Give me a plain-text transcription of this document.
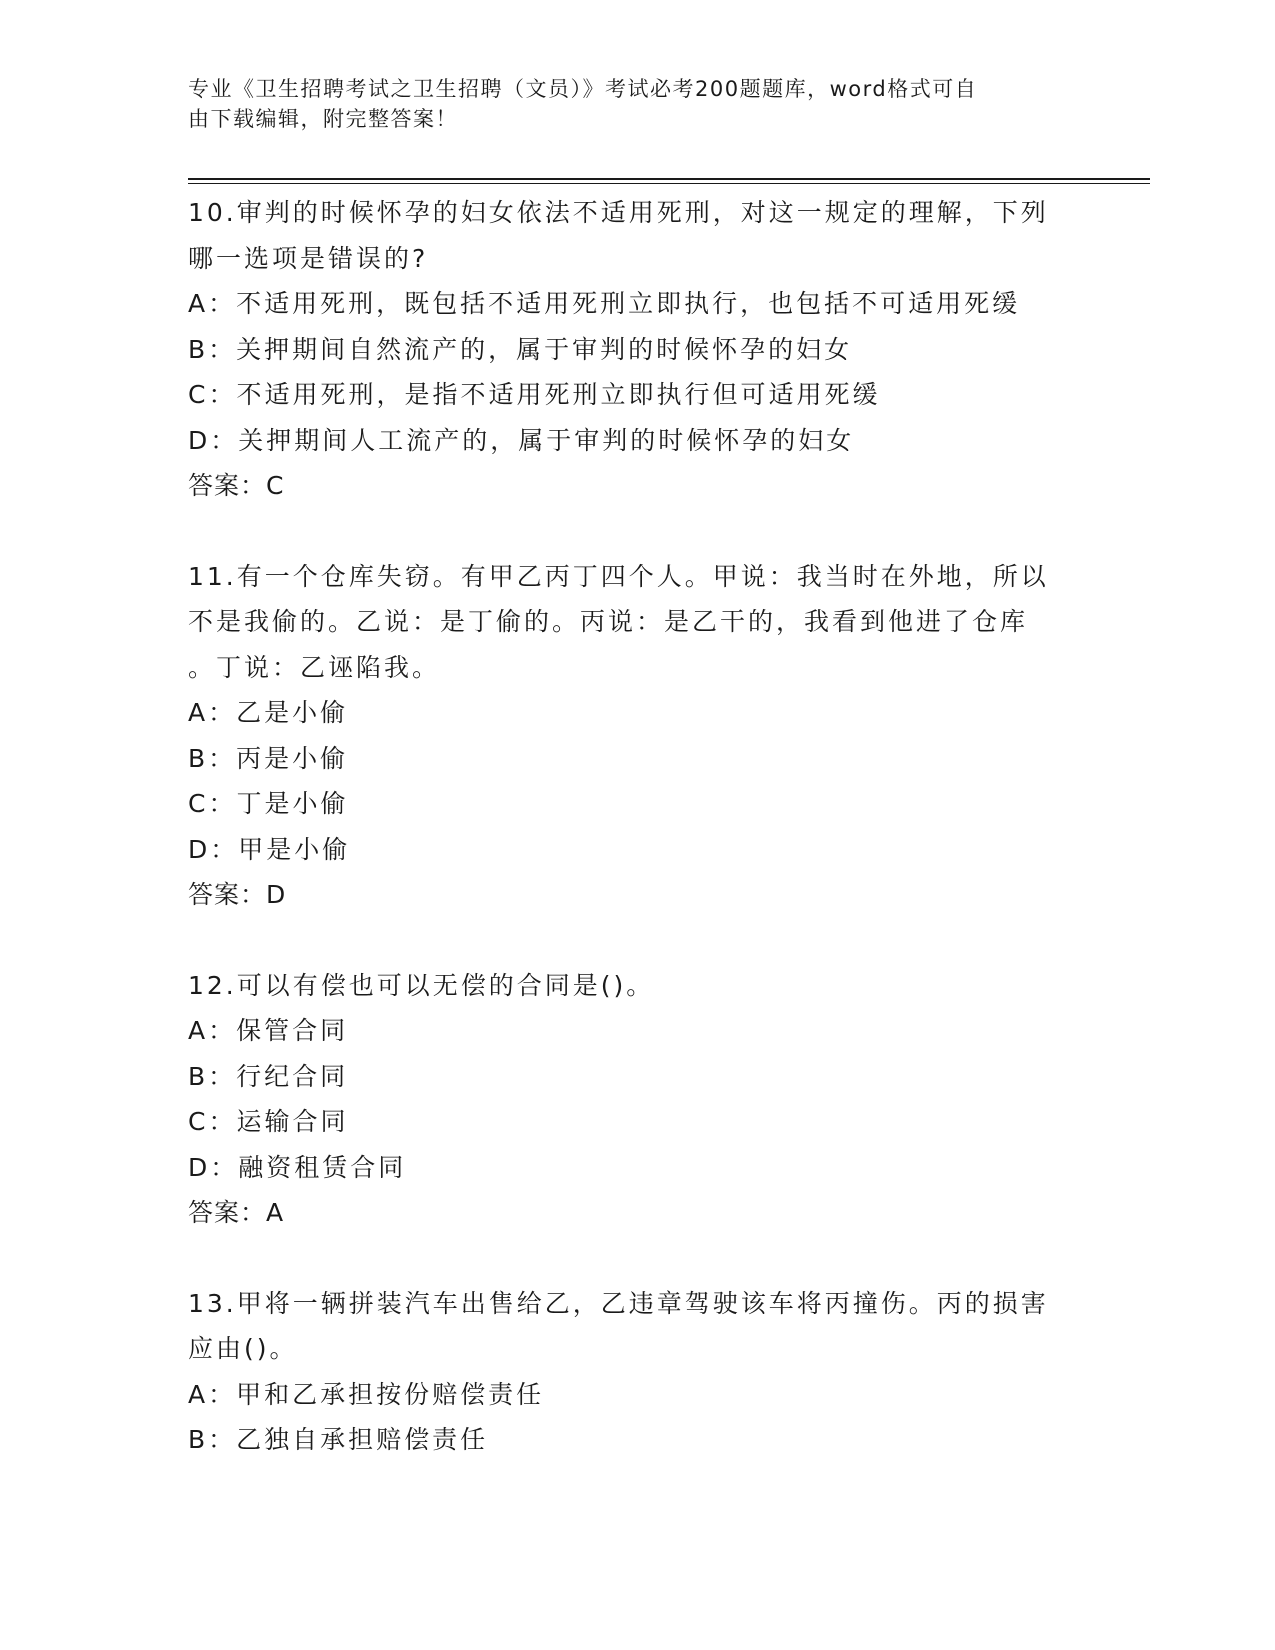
专业《卫生招聘考试之卫生招聘（文员）》考试必考200题题库，word格式可自
由下载编辑，附完整答案！
10.审判的时候怀孕的妇女依法不适用死刑，对这一规定的理解，下列
哪一选项是错误的?
A：不适用死刑，既包括不适用死刑立即执行，也包括不可适用死缓
B：关押期间自然流产的，属于审判的时候怀孕的妇女
C：不适用死刑，是指不适用死刑立即执行但可适用死缓
D：关押期间人工流产的，属于审判的时候怀孕的妇女
答案：C
11.有一个仓库失窃。有甲乙丙丁四个人。甲说：我当时在外地，所以
不是我偷的。乙说：是丁偷的。丙说：是乙干的，我看到他进了仓库
。丁说：乙诬陷我。
A：乙是小偷
B：丙是小偷
C：丁是小偷
D：甲是小偷
答案：D
12.可以有偿也可以无偿的合同是()。
A：保管合同
B：行纪合同
C：运输合同
D：融资租赁合同
答案：A
13.甲将一辆拼装汽车出售给乙，乙违章驾驶该车将丙撞伤。丙的损害
应由()。
A：甲和乙承担按份赔偿责任
B：乙独自承担赔偿责任
